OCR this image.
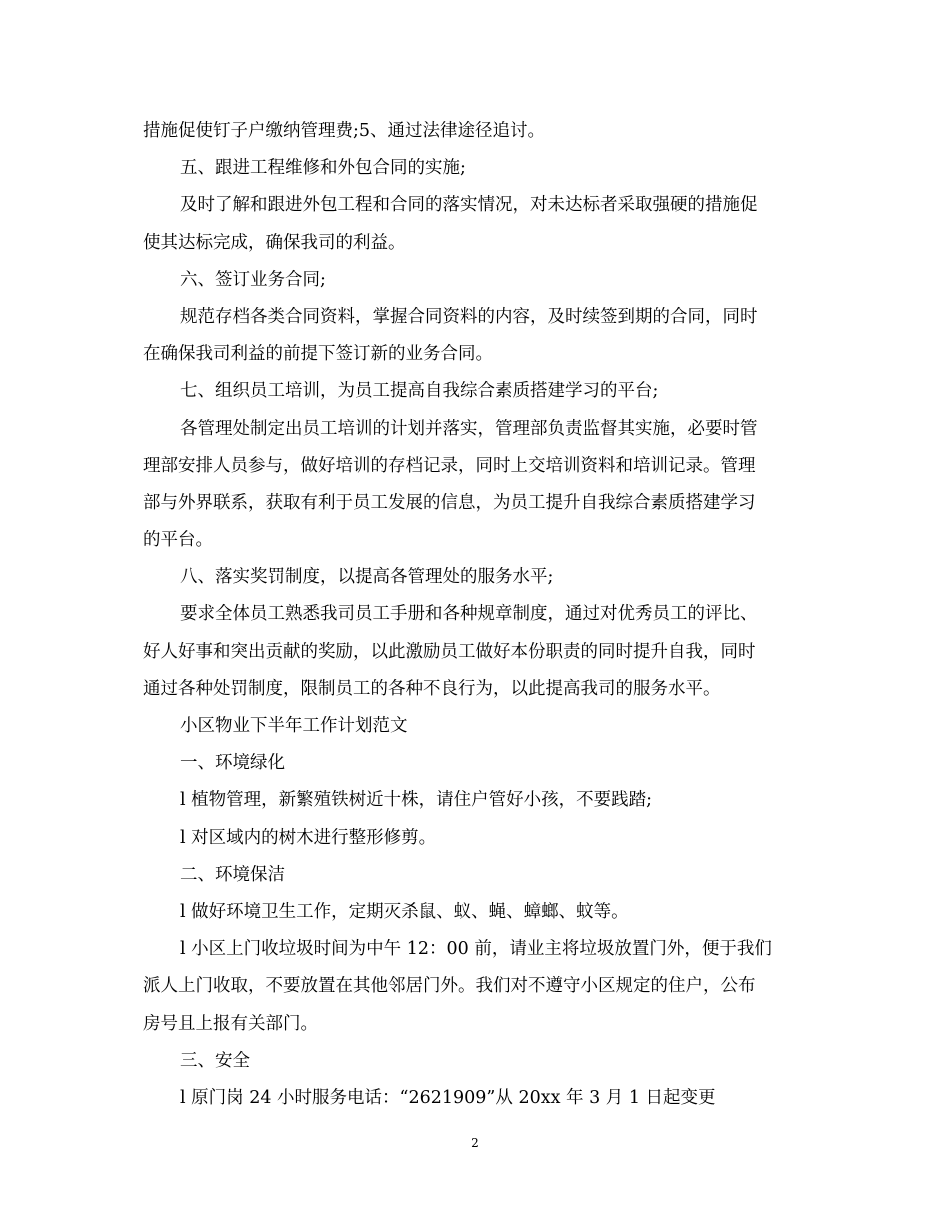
措施促使钉子户缴纳管理费;5、通过法律途径追讨。
五、跟进工程维修和外包合同的实施;
及时了解和跟进外包工程和合同的落实情况，对未达标者采取强硬的措施促
使其达标完成，确保我司的利益。
六、签订业务合同;
规范存档各类合同资料，掌握合同资料的内容，及时续签到期的合同，同时
在确保我司利益的前提下签订新的业务合同。
七、组织员工培训，为员工提高自我综合素质搭建学习的平台;
各管理处制定出员工培训的计划并落实，管理部负责监督其实施，必要时管
理部安排人员参与，做好培训的存档记录，同时上交培训资料和培训记录。管理
部与外界联系，获取有利于员工发展的信息，为员工提升自我综合素质搭建学习
的平台。
八、落实奖罚制度，以提高各管理处的服务水平;
要求全体员工熟悉我司员工手册和各种规章制度，通过对优秀员工的评比、
好人好事和突出贡献的奖励，以此激励员工做好本份职责的同时提升自我，同时
通过各种处罚制度，限制员工的各种不良行为，以此提高我司的服务水平。
小区物业下半年工作计划范文
一、环境绿化
l 植物管理，新繁殖铁树近十株，请住户管好小孩，不要践踏;
l 对区域内的树木进行整形修剪。
二、环境保洁
l 做好环境卫生工作，定期灭杀鼠、蚁、蝇、蟑螂、蚊等。
l 小区上门收垃圾时间为中午 12：00 前，请业主将垃圾放置门外，便于我们
派人上门收取，不要放置在其他邻居门外。我们对不遵守小区规定的住户，公布
房号且上报有关部门。
三、安全
l 原门岗 24 小时服务电话：“2621909”从 20xx 年 3 月 1 日起变更
2
